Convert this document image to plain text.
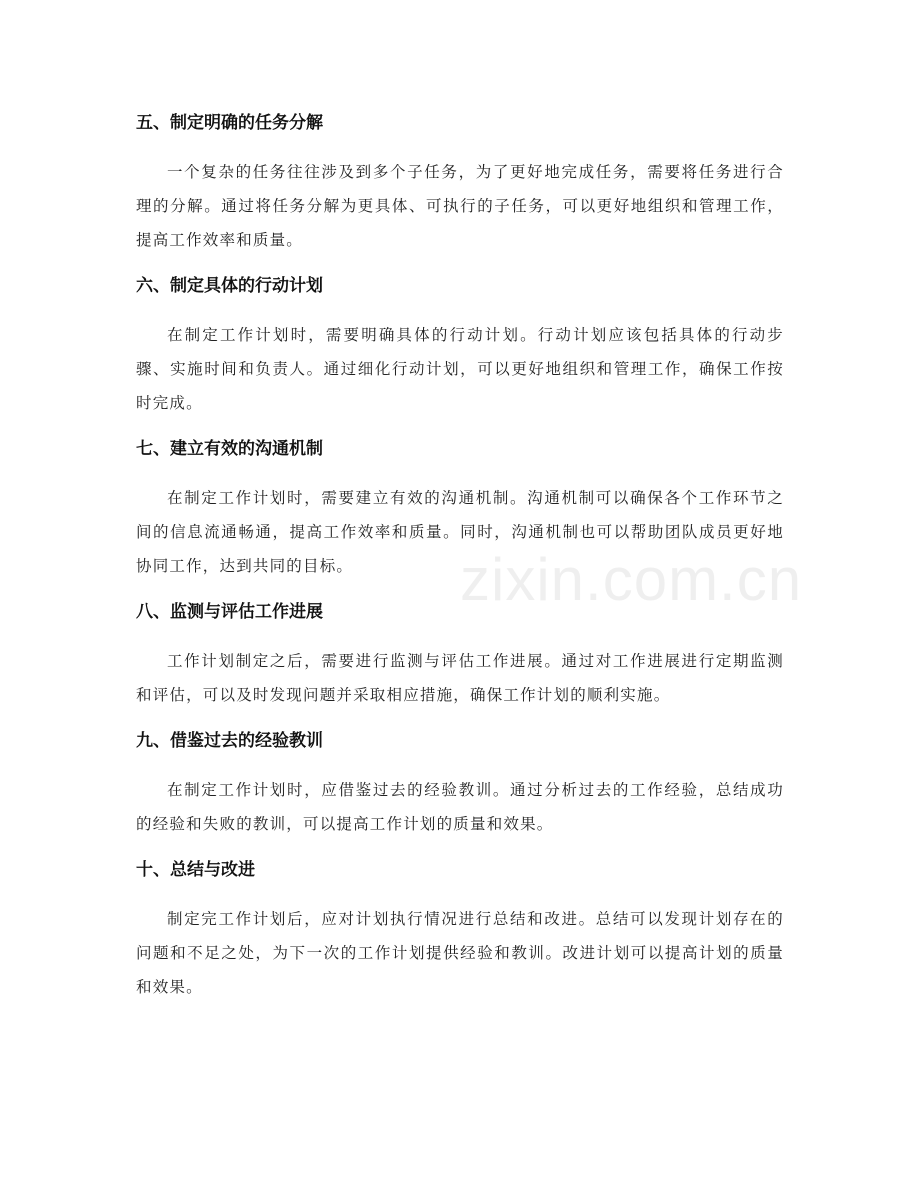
五、制定明确的任务分解

一个复杂的任务往往涉及到多个子任务，为了更好地完成任务，需要将任务进行合理的分解。通过将任务分解为更具体、可执行的子任务，可以更好地组织和管理工作，提高工作效率和质量。

六、制定具体的行动计划

在制定工作计划时，需要明确具体的行动计划。行动计划应该包括具体的行动步骤、实施时间和负责人。通过细化行动计划，可以更好地组织和管理工作，确保工作按时完成。

七、建立有效的沟通机制

在制定工作计划时，需要建立有效的沟通机制。沟通机制可以确保各个工作环节之间的信息流通畅通，提高工作效率和质量。同时，沟通机制也可以帮助团队成员更好地协同工作，达到共同的目标。

八、监测与评估工作进展

工作计划制定之后，需要进行监测与评估工作进展。通过对工作进展进行定期监测和评估，可以及时发现问题并采取相应措施，确保工作计划的顺利实施。

九、借鉴过去的经验教训

在制定工作计划时，应借鉴过去的经验教训。通过分析过去的工作经验，总结成功的经验和失败的教训，可以提高工作计划的质量和效果。

十、总结与改进

制定完工作计划后，应对计划执行情况进行总结和改进。总结可以发现计划存在的问题和不足之处，为下一次的工作计划提供经验和教训。改进计划可以提高计划的质量和效果。

zixin.com.cn
